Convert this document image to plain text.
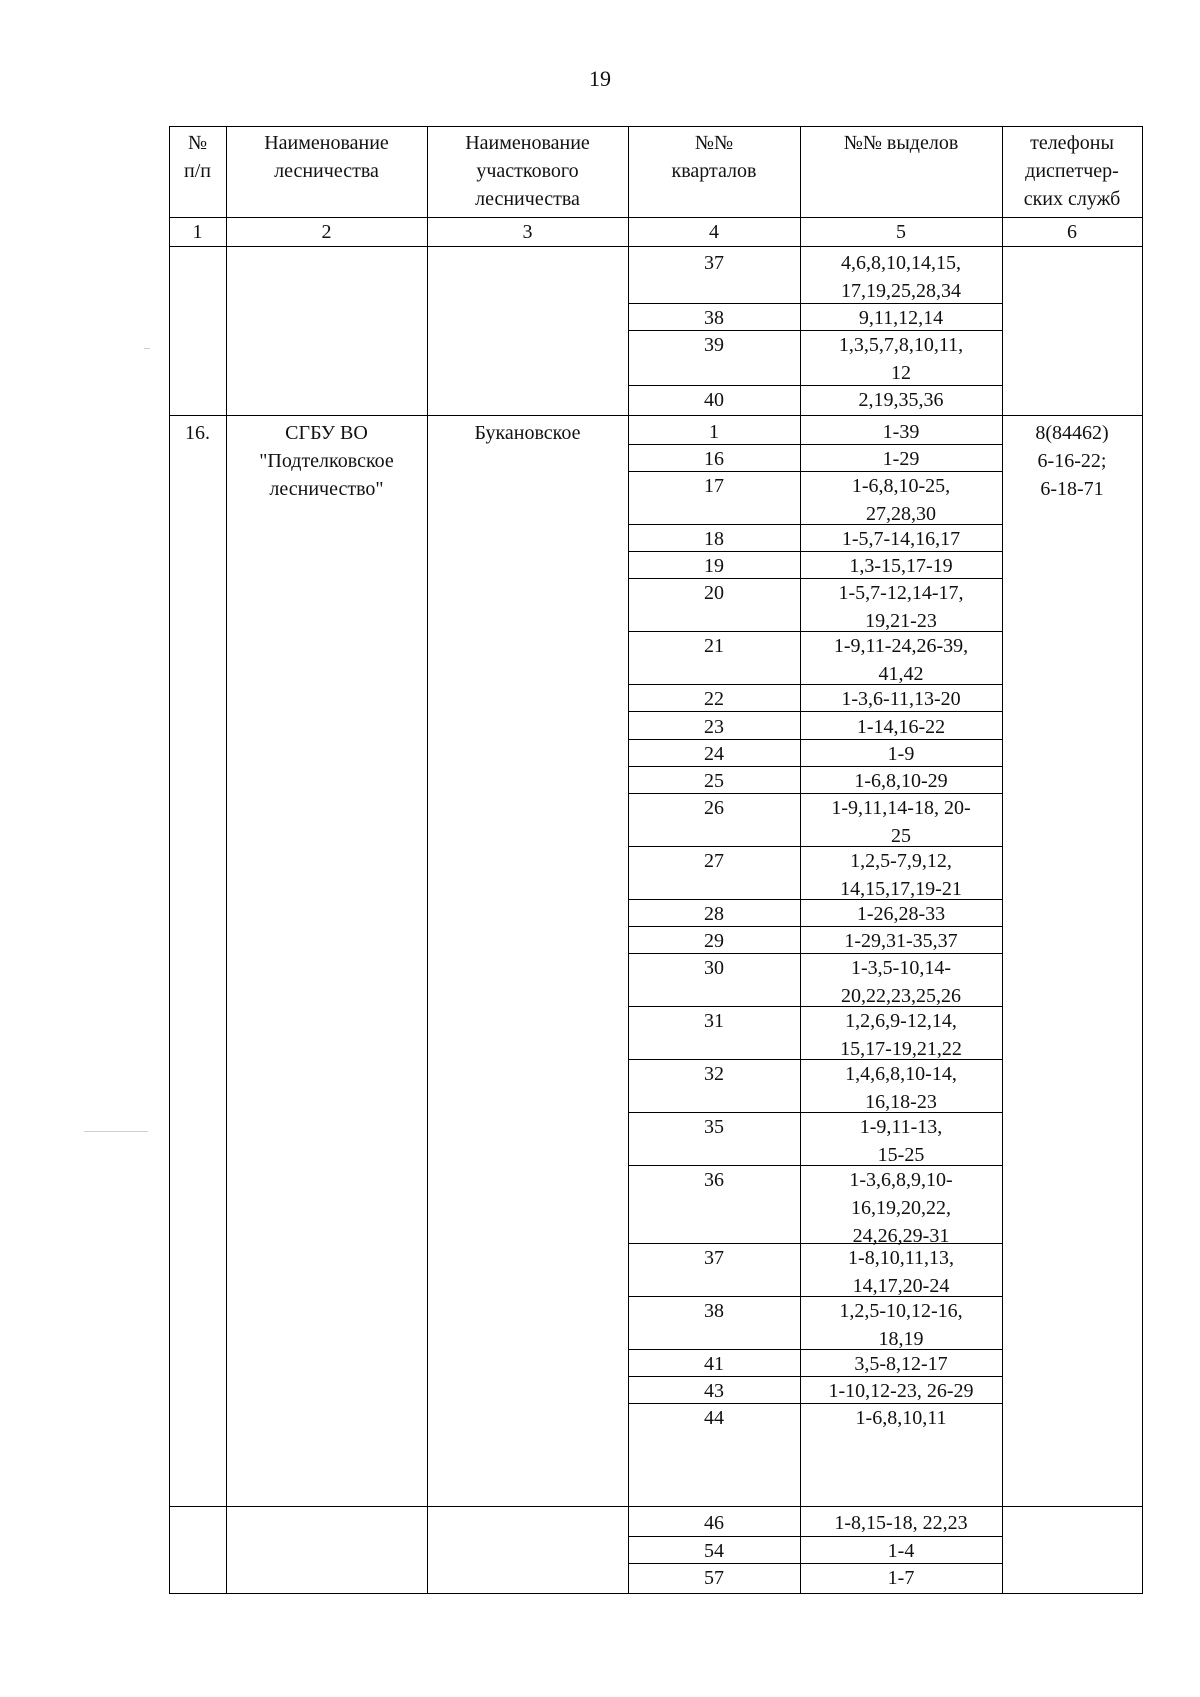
19
№
п/п
Наименование
лесничества
Наименование
участкового
лесничества
№№
кварталов
№№ выделов	телефоны
диспетчер-
ских служб
1	2	3	4	5	6
37	4,6,8,10,14,15,
17,19,25,28,34
38	9,11,12,14
39	1,3,5,7,8,10,11,
12
40	2,19,35,36
16.	СГБУ ВО
"Подтелковское
лесничество"
Букановское	8(84462)
6-16-22;
6-18-71
1	1-39
16	1-29
17	1-6,8,10-25,
27,28,30
18	1-5,7-14,16,17
19	1,3-15,17-19
20	1-5,7-12,14-17,
19,21-23
21	1-9,11-24,26-39,
41,42
22	1-3,6-11,13-20
23	1-14,16-22
24	1-9
25	1-6,8,10-29
26	1-9,11,14-18, 20-
25
27	1,2,5-7,9,12,
14,15,17,19-21
28	1-26,28-33
29	1-29,31-35,37
30	1-3,5-10,14-
20,22,23,25,26
31	1,2,6,9-12,14,
15,17-19,21,22
32	1,4,6,8,10-14,
16,18-23
35	1-9,11-13,
15-25
36	1-3,6,8,9,10-
16,19,20,22,
24,26,29-31
37	1-8,10,11,13,
14,17,20-24
38	1,2,5-10,12-16,
18,19
41	3,5-8,12-17
43	1-10,12-23, 26-29
44	1-6,8,10,11
46	1-8,15-18, 22,23
54	1-4
57	1-7
